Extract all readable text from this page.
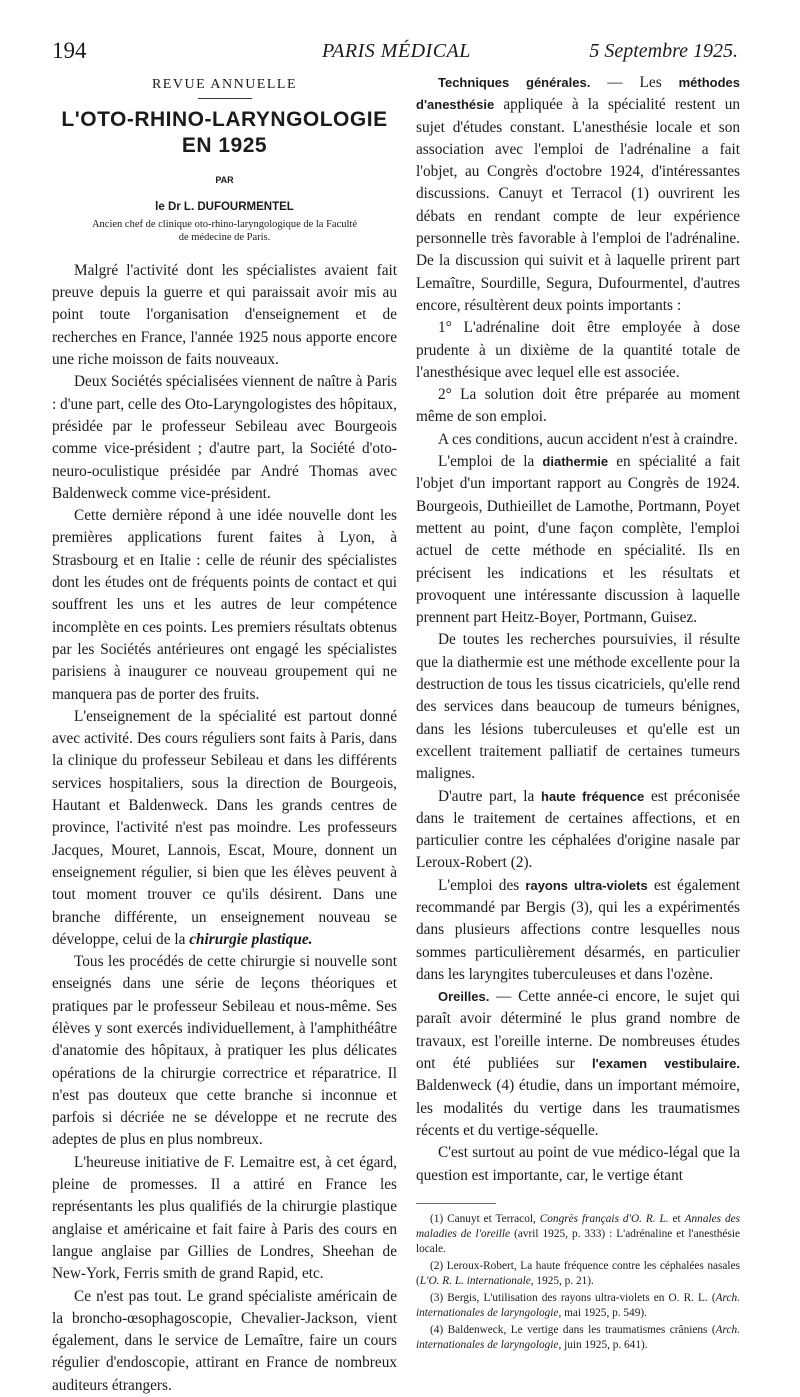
194	PARIS MÉDICAL	5 Septembre 1925.
REVUE ANNUELLE
L'OTO-RHINO-LARYNGOLOGIE
EN 1925
PAR
le Dr L. DUFOURMENTEL
Ancien chef de clinique oto-rhino-laryngologique de la Faculté
de médecine de Paris.

Malgré l'activité dont les spécialistes avaient fait preuve depuis la guerre et qui paraissait avoir mis au point toute l'organisation d'enseignement et de recherches en France, l'année 1925 nous apporte encore une riche moisson de faits nouveaux.

Deux Sociétés spécialisées viennent de naître à Paris : d'une part, celle des Oto-Laryngologistes des hôpitaux, présidée par le professeur Sebileau avec Bourgeois comme vice-président ; d'autre part, la Société d'oto-neuro-oculistique présidée par André Thomas avec Baldenweck comme vice-président.

Cette dernière répond à une idée nouvelle dont les premières applications furent faites à Lyon, à Strasbourg et en Italie : celle de réunir des spécialistes dont les études ont de fréquents points de contact et qui souffrent les uns et les autres de leur compétence incomplète en ces points. Les premiers résultats obtenus par les Sociétés antérieures ont engagé les spécialistes parisiens à inaugurer ce nouveau groupement qui ne manquera pas de porter des fruits.

L'enseignement de la spécialité est partout donné avec activité. Des cours réguliers sont faits à Paris, dans la clinique du professeur Sebileau et dans les différents services hospitaliers, sous la direction de Bourgeois, Hautant et Baldenweck. Dans les grands centres de province, l'activité n'est pas moindre. Les professeurs Jacques, Mouret, Lannois, Escat, Moure, donnent un enseignement régulier, si bien que les élèves peuvent à tout moment trouver ce qu'ils désirent. Dans une branche différente, un enseignement nouveau se développe, celui de la chirurgie plastique.

Tous les procédés de cette chirurgie si nouvelle sont enseignés dans une série de leçons théoriques et pratiques par le professeur Sebileau et nous-même. Ses élèves y sont exercés individuellement, à l'amphithéâtre d'anatomie des hôpitaux, à pratiquer les plus délicates opérations de la chirurgie correctrice et réparatrice. Il n'est pas douteux que cette branche si inconnue et parfois si décriée ne se développe et ne recrute des adeptes de plus en plus nombreux.

L'heureuse initiative de F. Lemaitre est, à cet égard, pleine de promesses. Il a attiré en France les représentants les plus qualifiés de la chirurgie plastique anglaise et américaine et fait faire à Paris des cours en langue anglaise par Gillies de Londres, Sheehan de New-York, Ferris smith de grand Rapid, etc.

Ce n'est pas tout. Le grand spécialiste américain de la broncho-œsophagoscopie, Chevalier-Jackson, vient également, dans le service de Lemaître, faire un cours régulier d'endoscopie, attirant en France de nombreux auditeurs étrangers.

Techniques générales. — Les méthodes d'anesthésie appliquée à la spécialité restent un sujet d'études constant. L'anesthésie locale et son association avec l'emploi de l'adrénaline a fait l'objet, au Congrès d'octobre 1924, d'intéressantes discussions. Canuyt et Terracol (1) ouvrirent les débats en rendant compte de leur expérience personnelle très favorable à l'emploi de l'adrénaline. De la discussion qui suivit et à laquelle prirent part Lemaître, Sourdille, Segura, Dufourmentel, d'autres encore, résultèrent deux points importants :

1° L'adrénaline doit être employée à dose prudente à un dixième de la quantité totale de l'anesthésique avec lequel elle est associée.

2° La solution doit être préparée au moment même de son emploi.

A ces conditions, aucun accident n'est à craindre.

L'emploi de la diathermie en spécialité a fait l'objet d'un important rapport au Congrès de 1924. Bourgeois, Duthieillet de Lamothe, Portmann, Poyet mettent au point, d'une façon complète, l'emploi actuel de cette méthode en spécialité. Ils en précisent les indications et les résultats et provoquent une intéressante discussion à laquelle prennent part Heitz-Boyer, Portmann, Guisez.

De toutes les recherches poursuivies, il résulte que la diathermie est une méthode excellente pour la destruction de tous les tissus cicatriciels, qu'elle rend des services dans beaucoup de tumeurs bénignes, dans les lésions tuberculeuses et qu'elle est un excellent traitement palliatif de certaines tumeurs malignes.

D'autre part, la haute fréquence est préconisée dans le traitement de certaines affections, et en particulier contre les céphalées d'origine nasale par Leroux-Robert (2).

L'emploi des rayons ultra-violets est également recommandé par Bergis (3), qui les a expérimentés dans plusieurs affections contre lesquelles nous sommes particulièrement désarmés, en particulier dans les laryngites tuberculeuses et dans l'ozène.

Oreilles. — Cette année-ci encore, le sujet qui paraît avoir déterminé le plus grand nombre de travaux, est l'oreille interne. De nombreuses études ont été publiées sur l'examen vestibulaire. Baldenweck (4) étudie, dans un important mémoire, les modalités du vertige dans les traumatismes récents et du vertige-séquelle.

C'est surtout au point de vue médico-légal que la question est importante, car, le vertige étant

(1) Canuyt et Terracol, Congrès français d'O. R. L. et Annales des maladies de l'oreille (avril 1925, p. 333) : L'adrénaline et l'anesthésie locale.
(2) Leroux-Robert, La haute fréquence contre les céphalées nasales (L'O. R. L. internationale, 1925, p. 21).
(3) Bergis, L'utilisation des rayons ultra-violets en O. R. L. (Arch. internationales de laryngologie, mai 1925, p. 549).
(4) Baldenweck, Le vertige dans les traumatismes crâniens (Arch. internationales de laryngologie, juin 1925, p. 641).
